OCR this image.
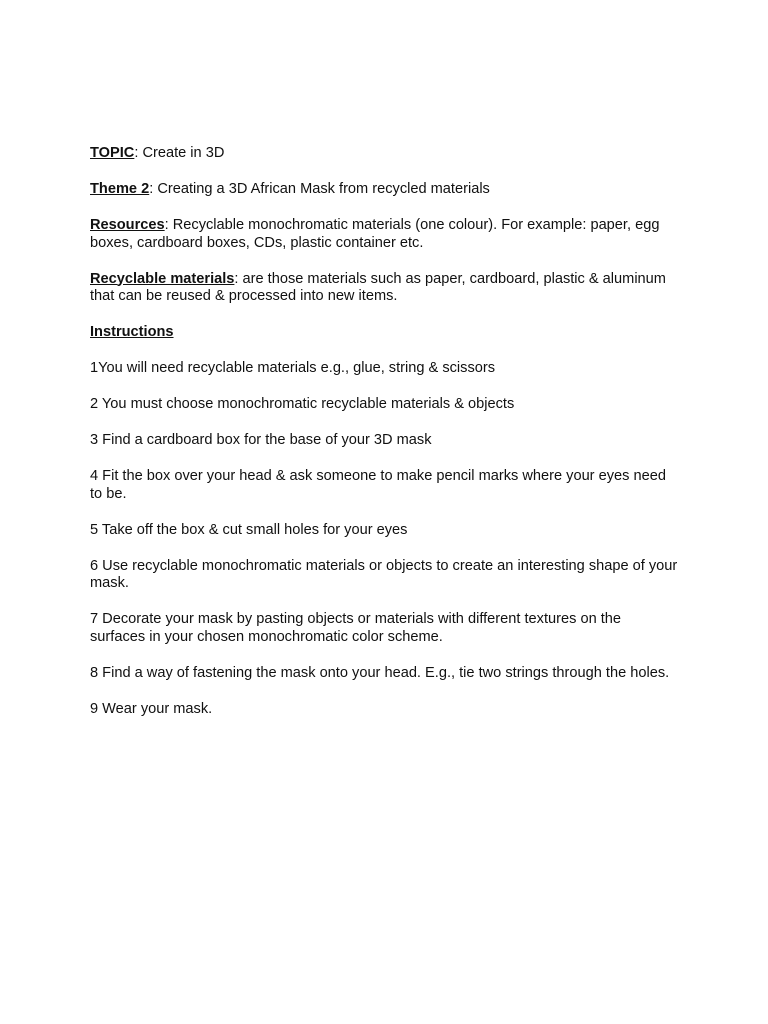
TOPIC: Create in 3D

Theme 2: Creating a 3D African Mask from recycled materials

Resources: Recyclable monochromatic materials (one colour). For example: paper, egg boxes, cardboard boxes, CDs, plastic container etc.

Recyclable materials: are those materials such as paper, cardboard, plastic & aluminum that can be reused & processed into new items.

Instructions

1You will need recyclable materials e.g., glue, string & scissors

2 You must choose monochromatic recyclable materials & objects

3 Find a cardboard box for the base of your 3D mask

4 Fit the box over your head & ask someone to make pencil marks where your eyes need to be.

5 Take off the box & cut small holes for your eyes

6 Use recyclable monochromatic materials or objects to create an interesting shape of your mask.

7 Decorate your mask by pasting objects or materials with different textures on the surfaces in your chosen monochromatic color scheme.

8 Find a way of fastening the mask onto your head. E.g., tie two strings through the holes.

9 Wear your mask.
